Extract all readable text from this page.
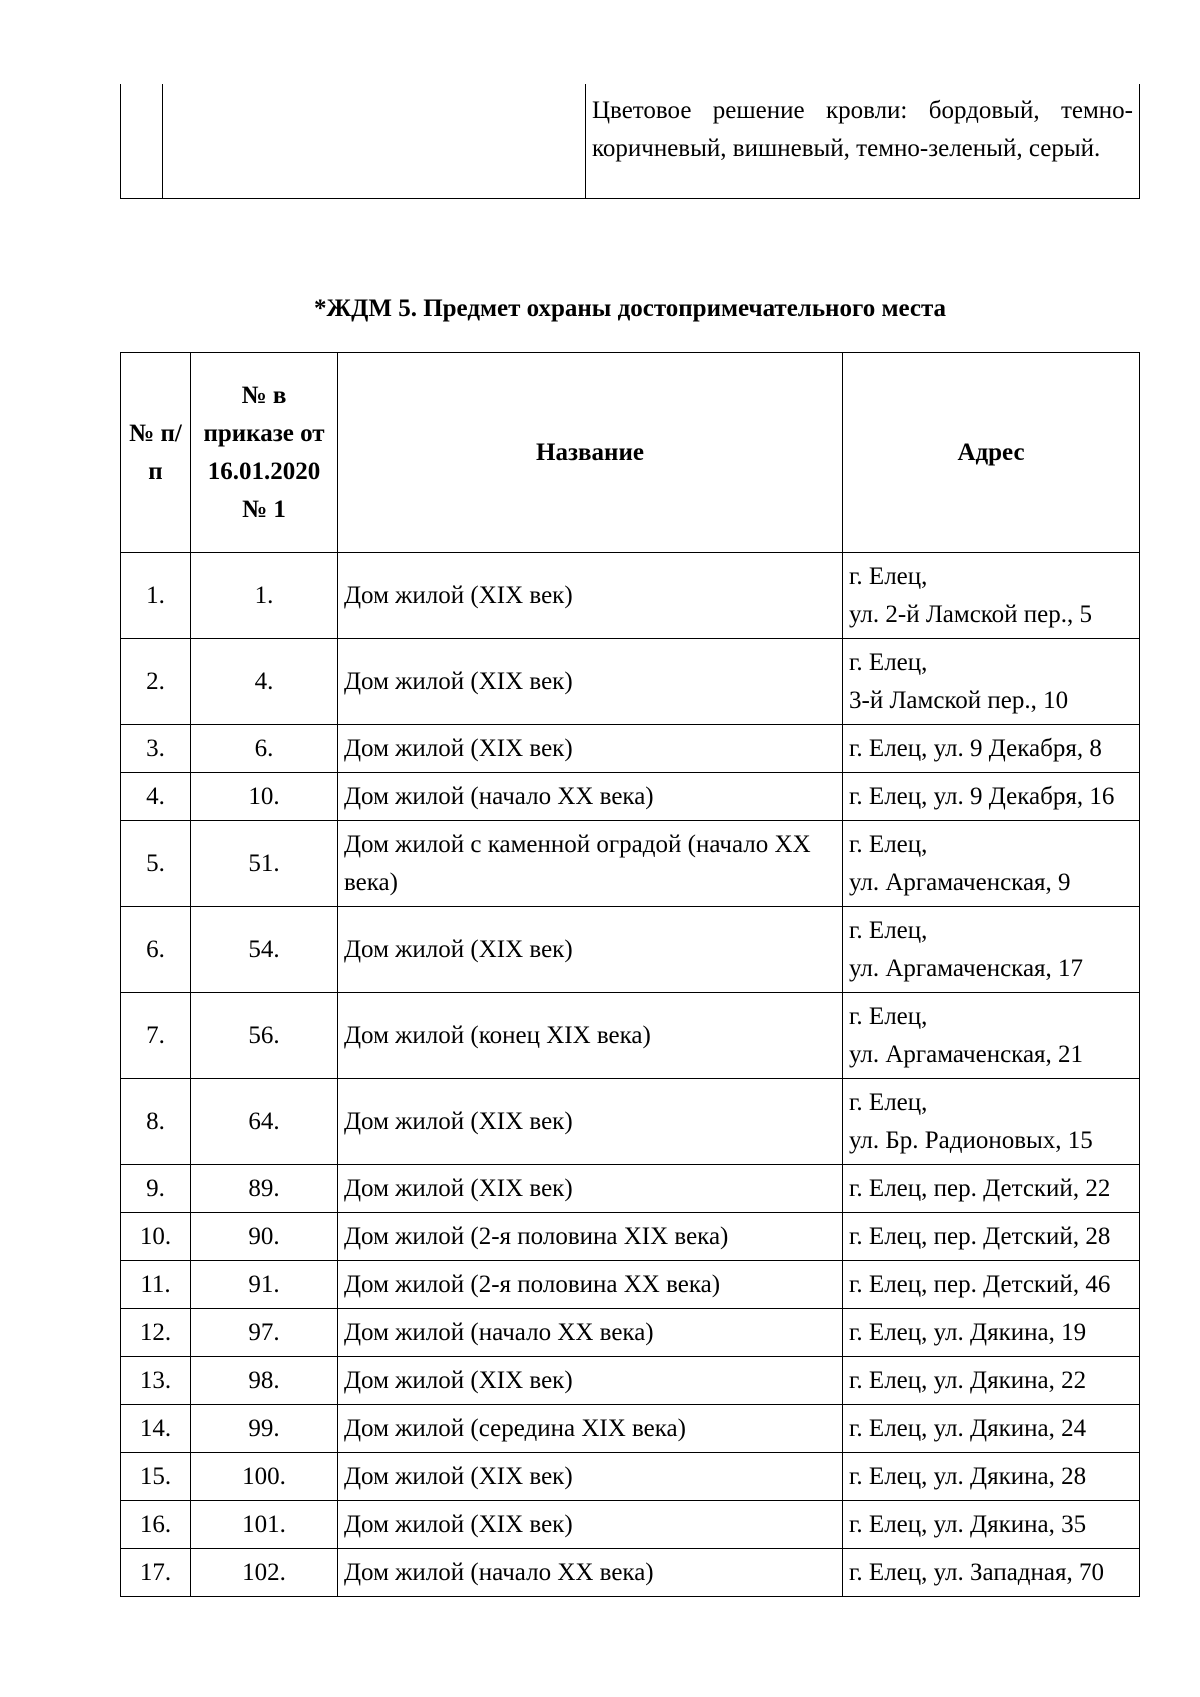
		Цветовое решение кровли: бордовый, темно-коричневый, вишневый, темно-зеленый, серый.
*ЖДМ 5. Предмет охраны достопримечательного места
№ п/п	№ в приказе от 16.01.2020 № 1	Название	Адрес
1.	1.	Дом жилой (XIX век)	г. Елец,
ул. 2-й Ламской пер., 5

2.	4.	Дом жилой (XIX век)	г. Елец,
3-й Ламской пер., 10

3.	6.	Дом жилой (XIX век)	г. Елец, ул. 9 Декабря, 8

4.	10.	Дом жилой (начало XX века)	г. Елец, ул. 9 Декабря, 16

5.	51.	Дом жилой с каменной оградой (начало XX века)	г. Елец,
ул. Аргамаченская, 9

6.	54.	Дом жилой (XIX век)	г. Елец,
ул. Аргамаченская, 17

7.	56.	Дом жилой (конец XIX века)	г. Елец,
ул. Аргамаченская, 21

8.	64.	Дом жилой (XIX век)	г. Елец,
ул. Бр. Радионовых, 15

9.	89.	Дом жилой (XIX век)	г. Елец, пер. Детский, 22

10.	90.	Дом жилой (2-я половина XIX века)	г. Елец, пер. Детский, 28

11.	91.	Дом жилой (2-я половина XX века)	г. Елец, пер. Детский, 46

12.	97.	Дом жилой (начало XX века)	г. Елец, ул. Дякина, 19

13.	98.	Дом жилой (XIX век)	г. Елец, ул. Дякина, 22

14.	99.	Дом жилой (середина XIX века)	г. Елец, ул. Дякина, 24

15.	100.	Дом жилой (XIX век)	г. Елец, ул. Дякина, 28

16.	101.	Дом жилой (XIX век)	г. Елец, ул. Дякина, 35

17.	102.	Дом жилой (начало XX века)	г. Елец, ул. Западная, 70
